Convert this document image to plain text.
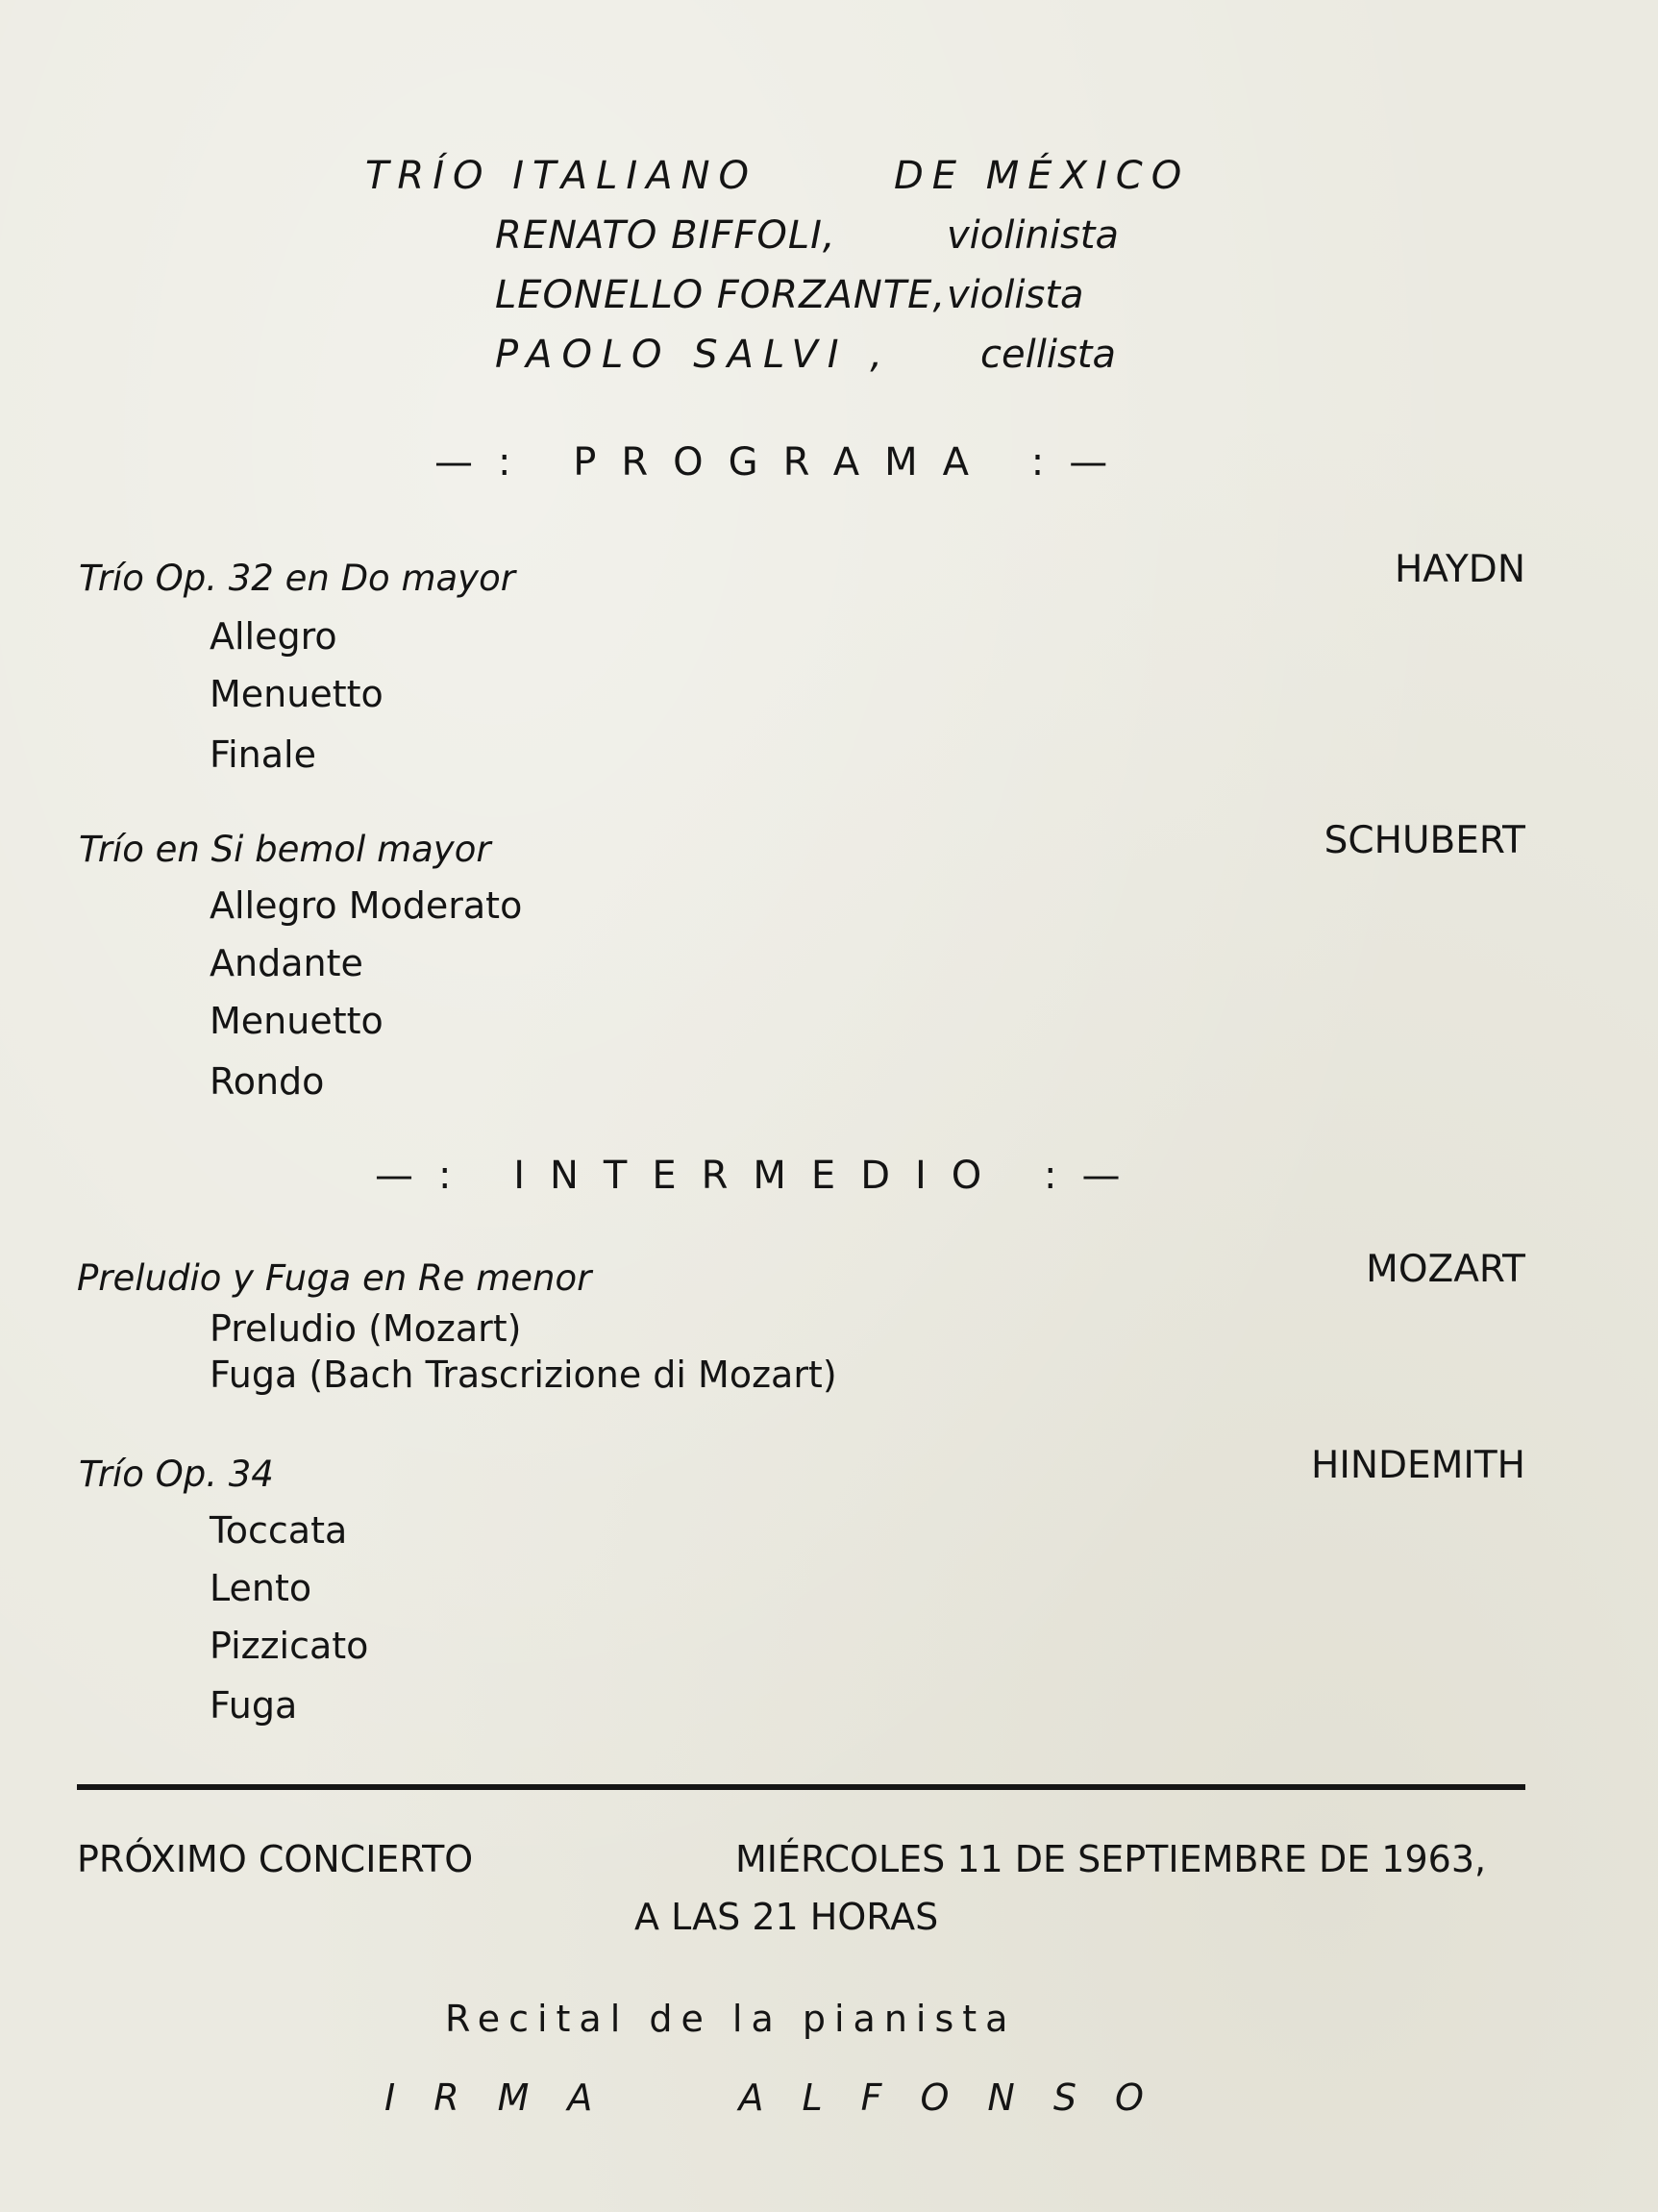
TRÍO ITALIANO	DE MÉXICO
RENATO BIFFOLI,	violinista
LEONELLO FORZANTE, violista
PAOLO SALVI , cellista
—: PROGRAMA :—
Trío Op. 32 en Do mayor	HAYDN
Allegro
Menuetto
Finale
Trío en Si bemol mayor	SCHUBERT
Allegro Moderato
Andante
Menuetto
Rondo
—: INTERMEDIO :—
Preludio y Fuga en Re menor	MOZART
Preludio (Mozart)
Fuga (Bach Trascrizione di Mozart)
Trío Op. 34	HINDEMITH
Toccata
Lento
Pizzicato
Fuga
PRÓXIMO CONCIERTO	MIÉRCOLES 11 DE SEPTIEMBRE DE 1963,
A LAS 21 HORAS
Recital de la pianista
IRMA ALFONSO
